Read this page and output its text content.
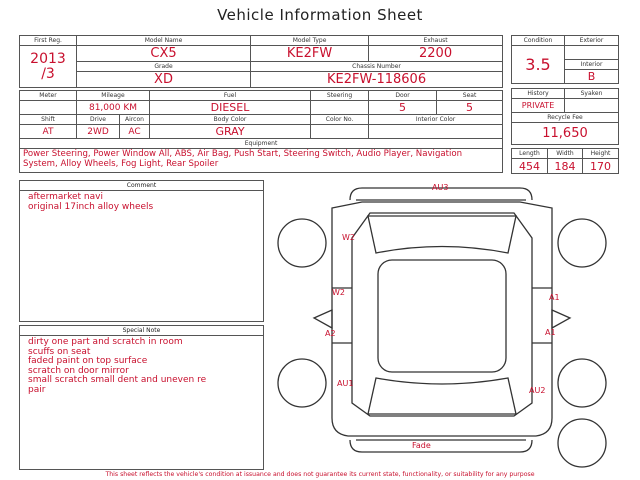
Vehicle Information Sheet
First Reg.	Model Name			Model Type		Exhaust	

2013
/3	CX5			KE2FW		2200	
	Grade			Chassis Number			
	XD			KE2FW-118606			

Meter	Mileage		Fuel		Steering	Door	Seat
	81,000 KM		DIESEL			5	5
Shift	Drive	Aircon	Body Color		Color No.	Interior Color	
AT	2WD	AC	GRAY				
Equipment							
Power Steering, Power Window All, ABS, Air Bag, Push Start, Steering Switch, Audio Player, Navigation System, Alloy Wheels, Fog Light, Rear Spoiler							
Condition	Exterior
3.5	
	Interior
	B
History	Syaken
PRIVATE	
Recycle Fee	
11,650	
Length	Width	Height
454	184	170
Comment
aftermarket navi
original 17inch alloy wheels
Special Note
dirty one part and scratch in room
scuffs on seat
faded paint on top surface
scratch on door mirror
small scratch small dent and uneven re
pair
AU3
W2
W2
A1
A2	A1
AU1
AU2
Fade
This sheet reflects the vehicle's condition at issuance and does not guarantee its current state, functionality, or suitability for any purpose
